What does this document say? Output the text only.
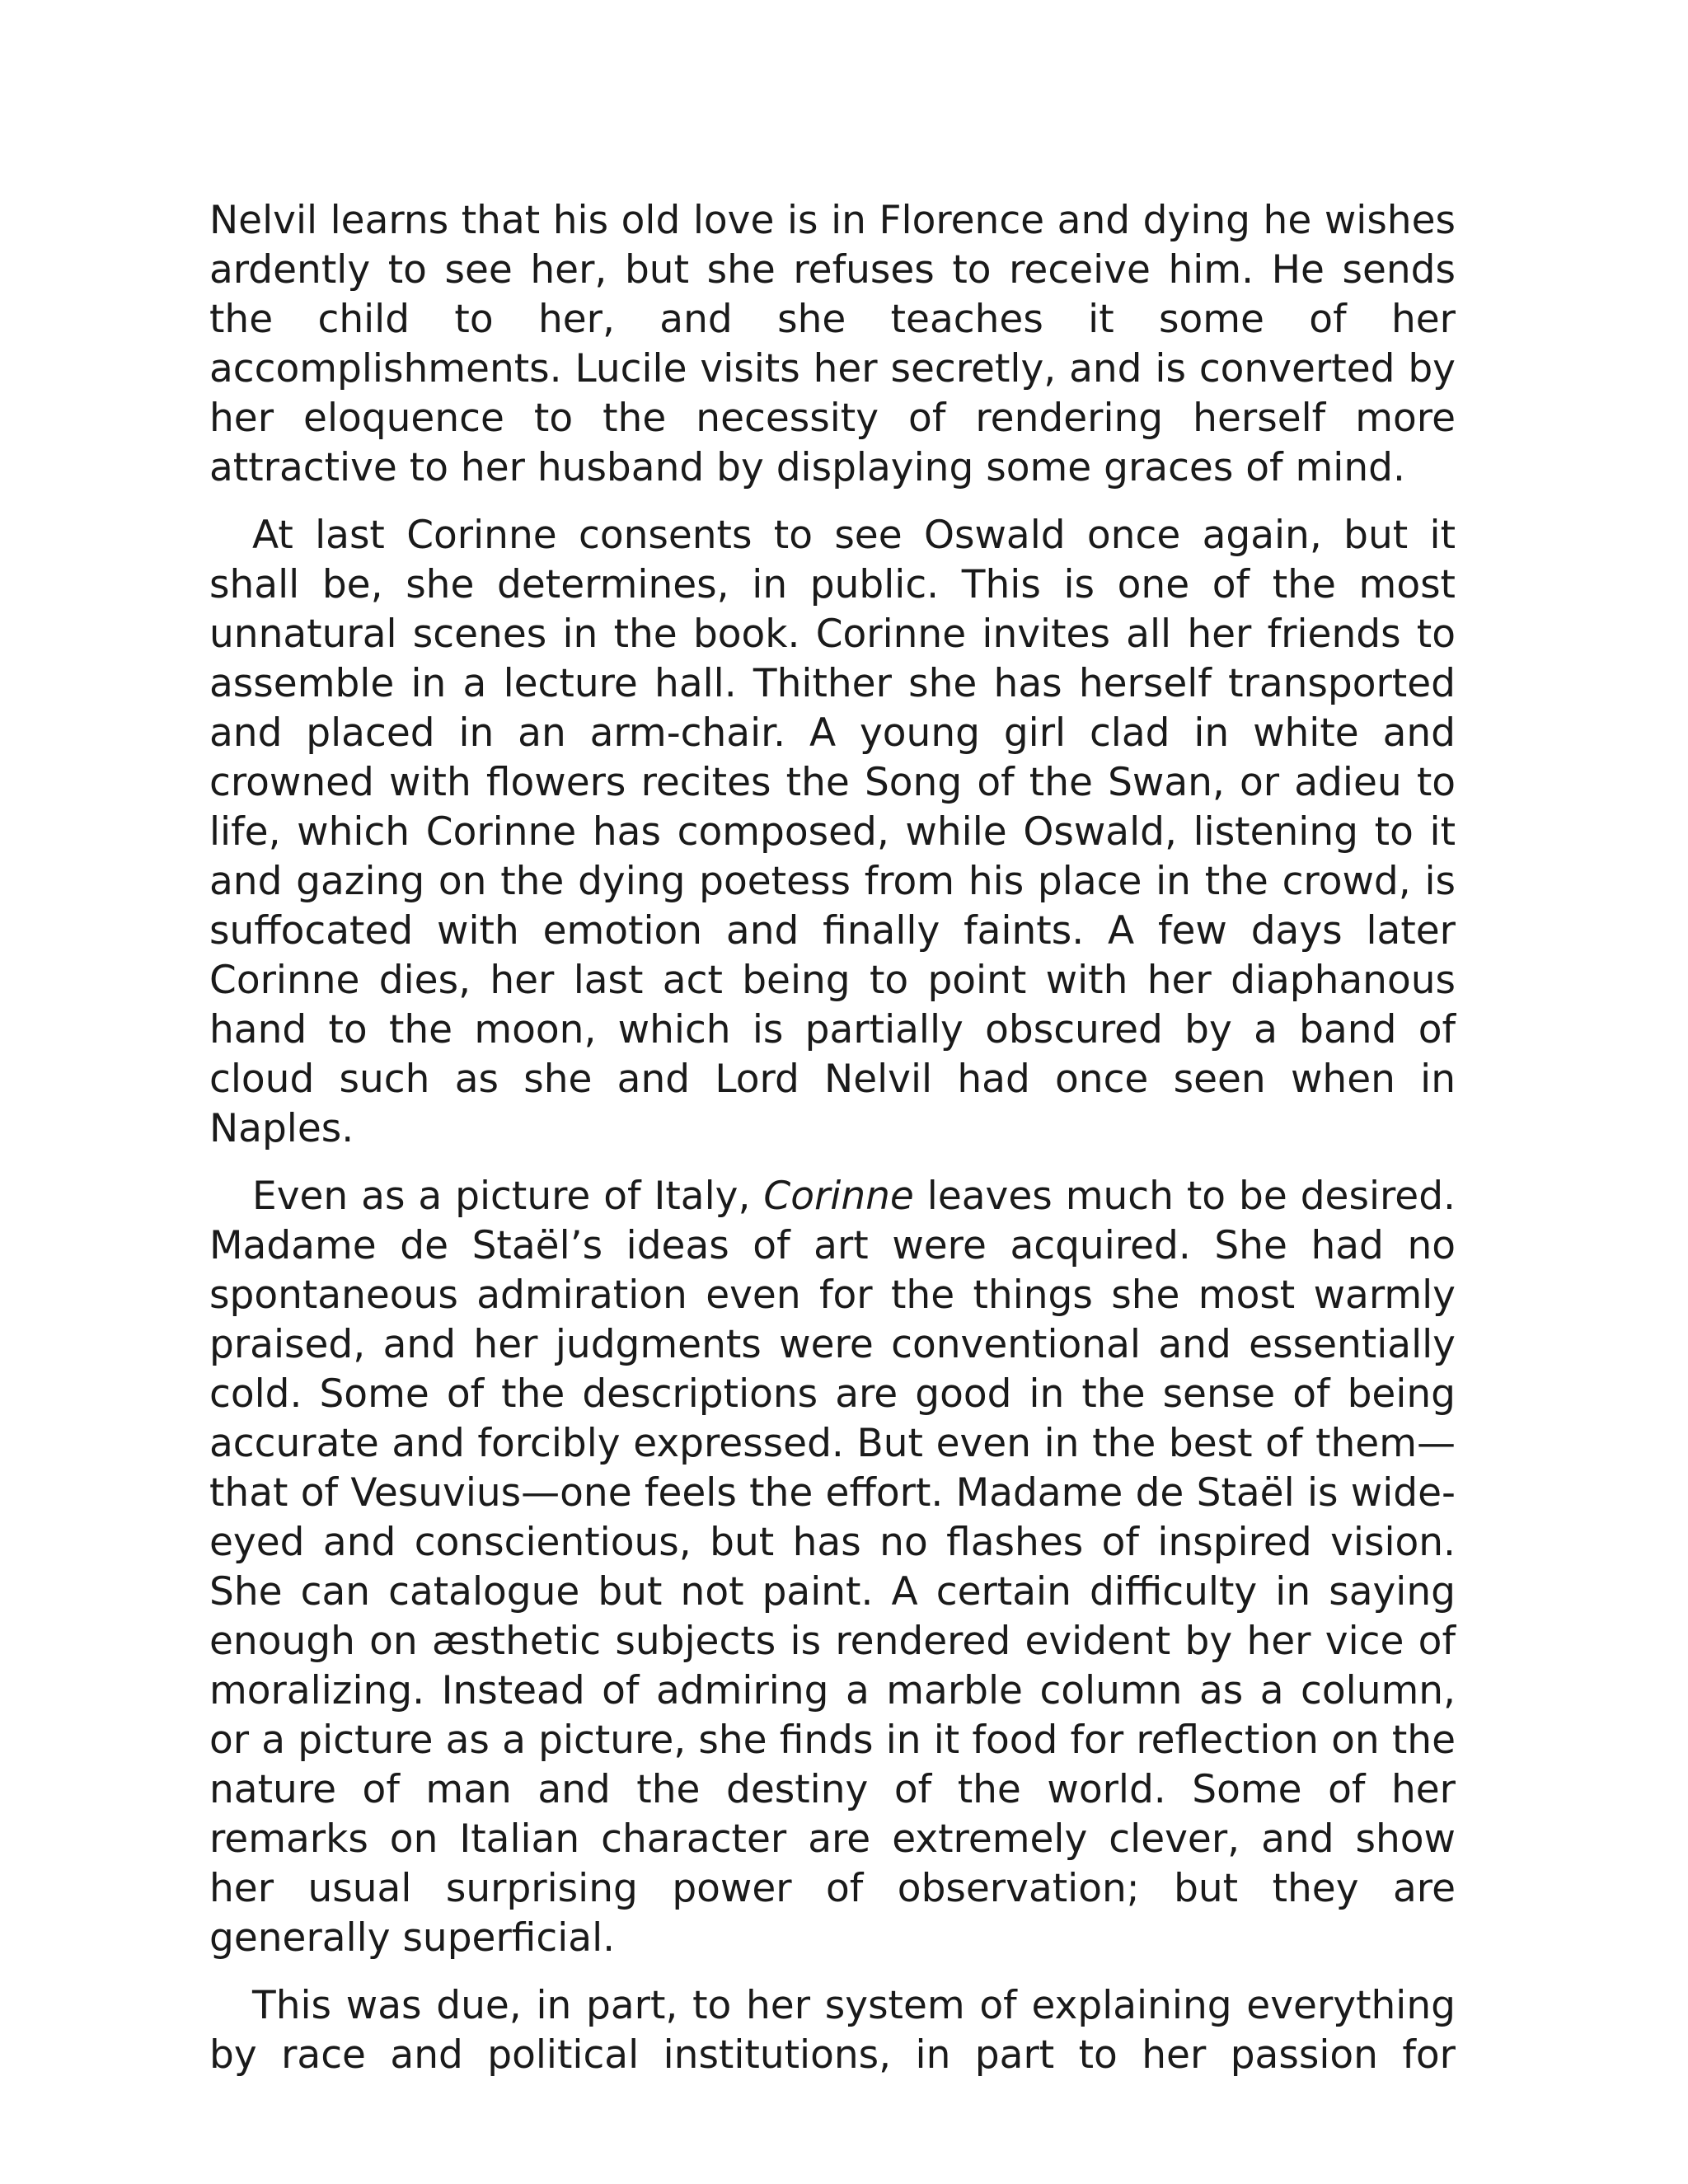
Nelvil learns that his old love is in Florence and dying he wishes ardently to see her, but she refuses to receive him. He sends the child to her, and she teaches it some of her accomplishments. Lucile visits her secretly, and is converted by her eloquence to the necessity of rendering herself more attractive to her husband by displaying some graces of mind.

At last Corinne consents to see Oswald once again, but it shall be, she determines, in public. This is one of the most unnatural scenes in the book. Corinne invites all her friends to assemble in a lecture hall. Thither she has herself transported and placed in an arm-chair. A young girl clad in white and crowned with flowers recites the Song of the Swan, or adieu to life, which Corinne has composed, while Oswald, listening to it and gazing on the dying poetess from his place in the crowd, is suffocated with emotion and finally faints. A few days later Corinne dies, her last act being to point with her diaphanous hand to the moon, which is partially obscured by a band of cloud such as she and Lord Nelvil had once seen when in Naples.

Even as a picture of Italy, Corinne leaves much to be desired. Madame de Staël’s ideas of art were acquired. She had no spontaneous admiration even for the things she most warmly praised, and her judgments were conventional and essentially cold. Some of the descriptions are good in the sense of being accurate and forcibly expressed. But even in the best of them—that of Vesuvius—one feels the effort. Madame de Staël is wide-eyed and conscientious, but has no flashes of inspired vision. She can catalogue but not paint. A certain difficulty in saying enough on æsthetic subjects is rendered evident by her vice of moralizing. Instead of admiring a marble column as a column, or a picture as a picture, she finds in it food for reflection on the nature of man and the destiny of the world. Some of her remarks on Italian character are extremely clever, and show her usual surprising power of observation; but they are generally superficial.

This was due, in part, to her system of explaining everything by race and political institutions, in part to her passion for
